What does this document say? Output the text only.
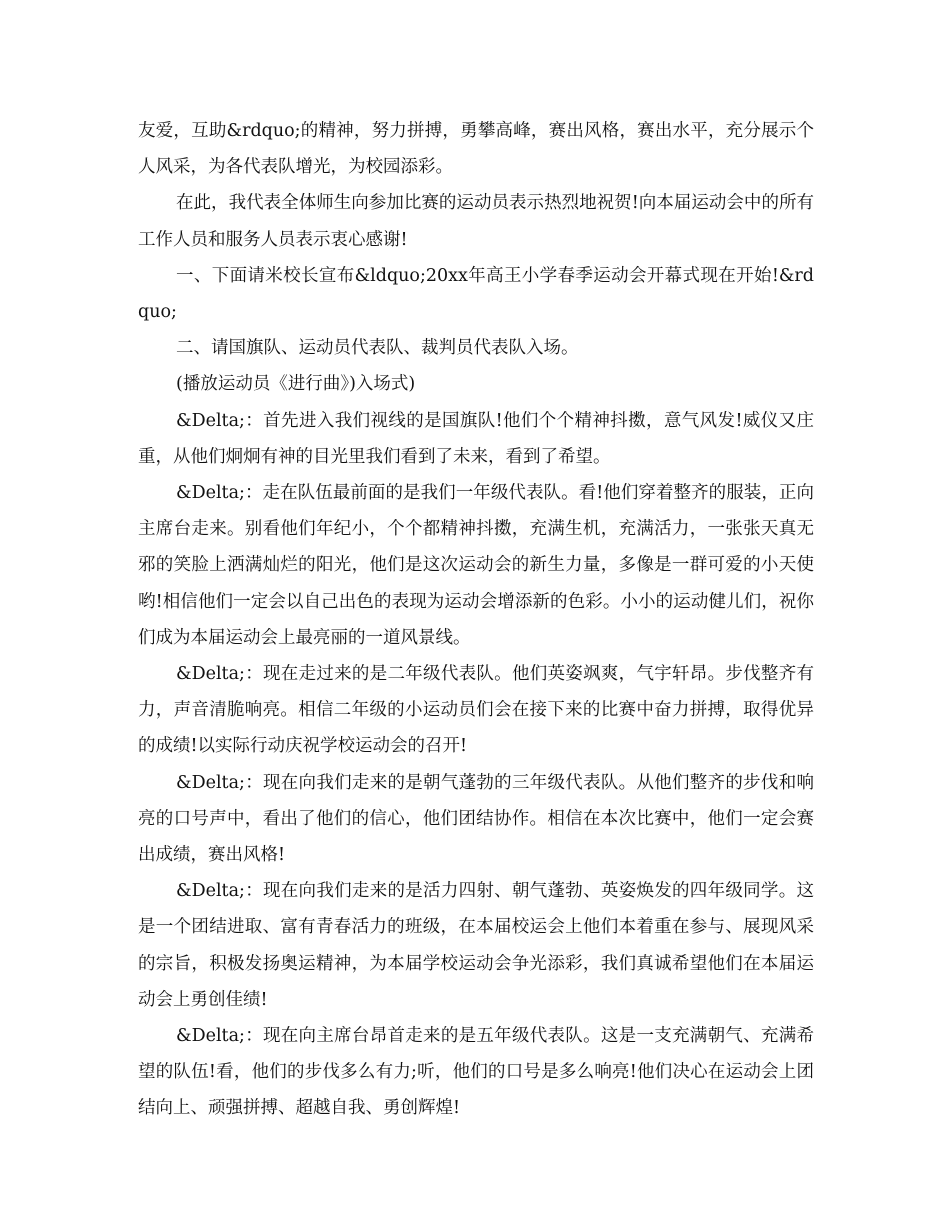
友爱，互助&rdquo;的精神，努力拼搏，勇攀高峰，赛出风格，赛出水平，充分展示个人风采，为各代表队增光，为校园添彩。

在此，我代表全体师生向参加比赛的运动员表示热烈地祝贺!向本届运动会中的所有工作人员和服务人员表示衷心感谢!

一、下面请米校长宣布&ldquo;20xx年高王小学春季运动会开幕式现在开始!&rdquo;

二、请国旗队、运动员代表队、裁判员代表队入场。

(播放运动员《进行曲》)入场式)

&Delta;：首先进入我们视线的是国旗队!他们个个精神抖擞，意气风发!威仪又庄重，从他们炯炯有神的目光里我们看到了未来，看到了希望。

&Delta;：走在队伍最前面的是我们一年级代表队。看!他们穿着整齐的服装，正向主席台走来。别看他们年纪小，个个都精神抖擞，充满生机，充满活力，一张张天真无邪的笑脸上洒满灿烂的阳光，他们是这次运动会的新生力量，多像是一群可爱的小天使哟!相信他们一定会以自己出色的表现为运动会增添新的色彩。小小的运动健儿们，祝你们成为本届运动会上最亮丽的一道风景线。

&Delta;：现在走过来的是二年级代表队。他们英姿飒爽，气宇轩昂。步伐整齐有力，声音清脆响亮。相信二年级的小运动员们会在接下来的比赛中奋力拼搏，取得优异的成绩!以实际行动庆祝学校运动会的召开!

&Delta;：现在向我们走来的是朝气蓬勃的三年级代表队。从他们整齐的步伐和响亮的口号声中，看出了他们的信心，他们团结协作。相信在本次比赛中，他们一定会赛出成绩，赛出风格!

&Delta;：现在向我们走来的是活力四射、朝气蓬勃、英姿焕发的四年级同学。这是一个团结进取、富有青春活力的班级，在本届校运会上他们本着重在参与、展现风采的宗旨，积极发扬奥运精神，为本届学校运动会争光添彩，我们真诚希望他们在本届运动会上勇创佳绩!

&Delta;：现在向主席台昂首走来的是五年级代表队。这是一支充满朝气、充满希望的队伍!看，他们的步伐多么有力;听，他们的口号是多么响亮!他们决心在运动会上团结向上、顽强拼搏、超越自我、勇创辉煌!
